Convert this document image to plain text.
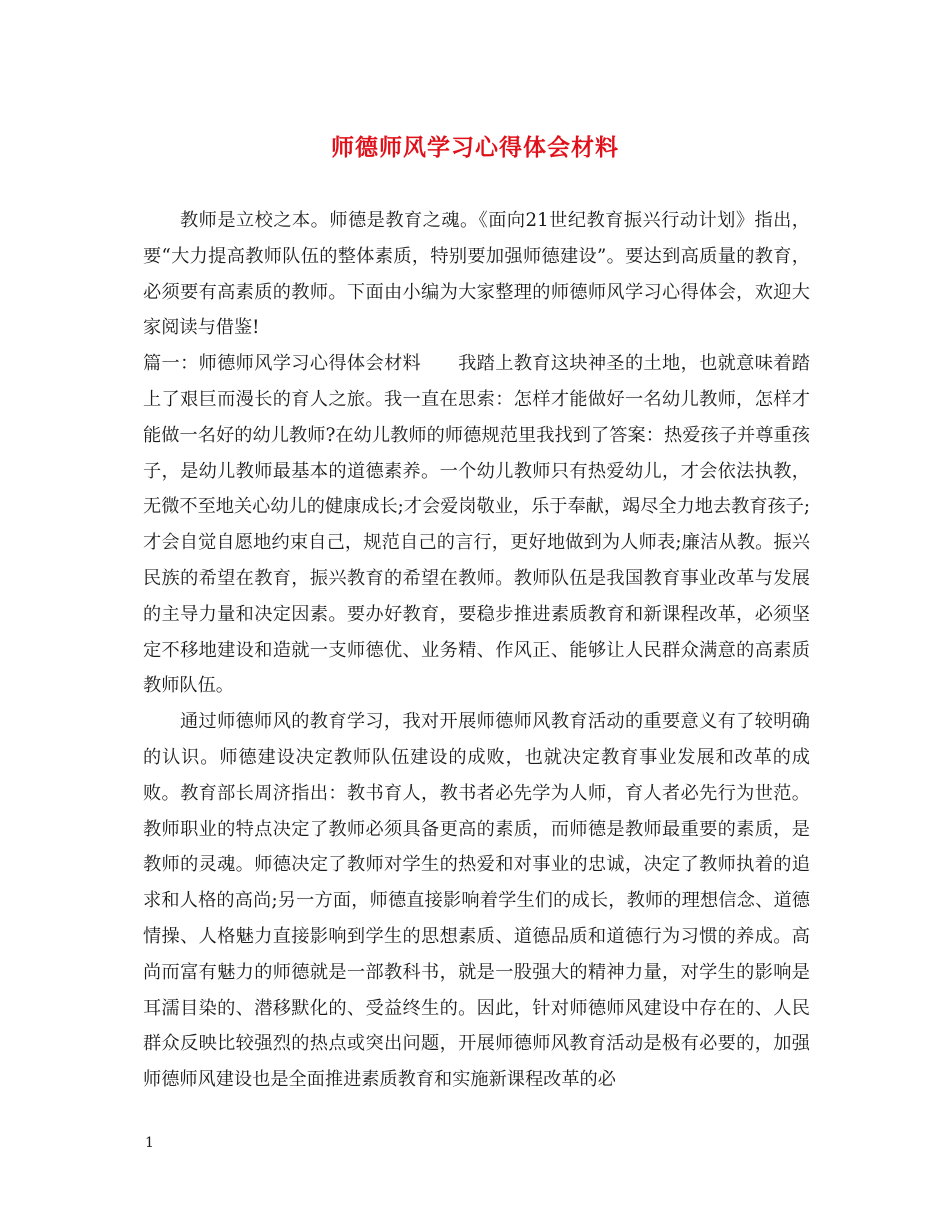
师德师风学习心得体会材料

教师是立校之本。师德是教育之魂。《面向21世纪教育振兴行动计划》指出，要“大力提高教师队伍的整体素质，特别要加强师德建设”。要达到高质量的教育，必须要有高素质的教师。下面由小编为大家整理的师德师风学习心得体会，欢迎大家阅读与借鉴!

篇一：师德师风学习心得体会材料　　我踏上教育这块神圣的土地，也就意味着踏上了艰巨而漫长的育人之旅。我一直在思索：怎样才能做好一名幼儿教师，怎样才能做一名好的幼儿教师?在幼儿教师的师德规范里我找到了答案：热爱孩子并尊重孩子，是幼儿教师最基本的道德素养。一个幼儿教师只有热爱幼儿，才会依法执教，无微不至地关心幼儿的健康成长;才会爱岗敬业，乐于奉献，竭尽全力地去教育孩子;才会自觉自愿地约束自己，规范自己的言行，更好地做到为人师表;廉洁从教。振兴民族的希望在教育，振兴教育的希望在教师。教师队伍是我国教育事业改革与发展的主导力量和决定因素。要办好教育，要稳步推进素质教育和新课程改革，必须坚定不移地建设和造就一支师德优、业务精、作风正、能够让人民群众满意的高素质教师队伍。

通过师德师风的教育学习，我对开展师德师风教育活动的重要意义有了较明确的认识。师德建设决定教师队伍建设的成败，也就决定教育事业发展和改革的成败。教育部长周济指出：教书育人，教书者必先学为人师，育人者必先行为世范。教师职业的特点决定了教师必须具备更高的素质，而师德是教师最重要的素质，是教师的灵魂。师德决定了教师对学生的热爱和对事业的忠诚，决定了教师执着的追求和人格的高尚;另一方面，师德直接影响着学生们的成长，教师的理想信念、道德情操、人格魅力直接影响到学生的思想素质、道德品质和道德行为习惯的养成。高尚而富有魅力的师德就是一部教科书，就是一股强大的精神力量，对学生的影响是耳濡目染的、潜移默化的、受益终生的。因此，针对师德师风建设中存在的、人民群众反映比较强烈的热点或突出问题，开展师德师风教育活动是极有必要的，加强师德师风建设也是全面推进素质教育和实施新课程改革的必

1
